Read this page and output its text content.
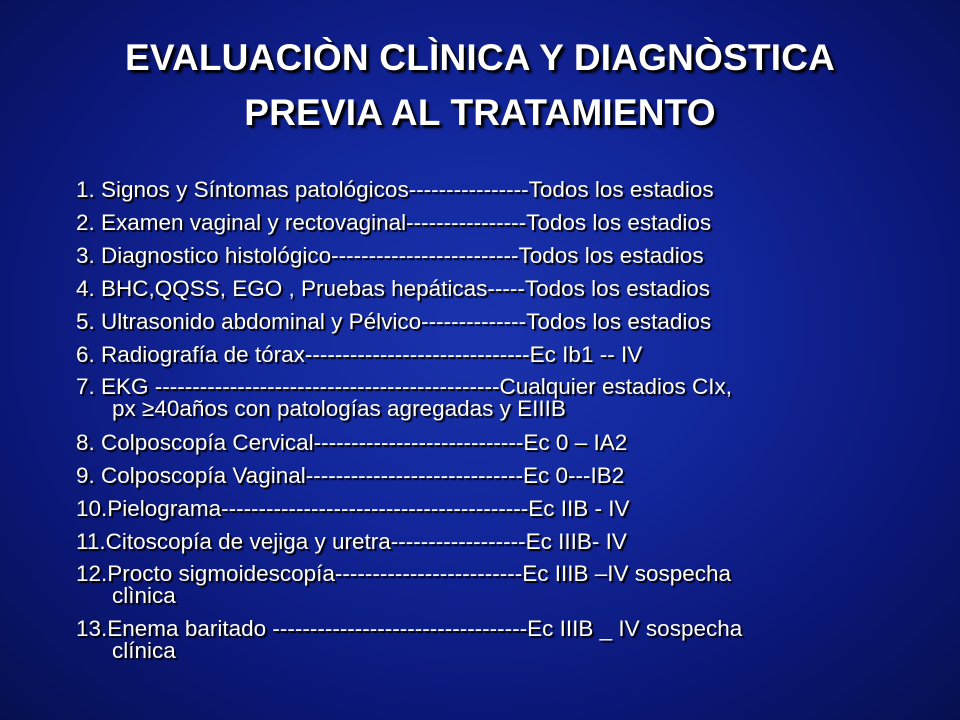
EVALUACIÒN CLÌNICA Y DIAGNÒSTICA
PREVIA AL TRATAMIENTO
1. Signos y Síntomas patológicos----------------Todos los estadios
2. Examen vaginal y rectovaginal----------------Todos los estadios
3. Diagnostico histológico-------------------------Todos los estadios
4. BHC,QQSS, EGO , Pruebas hepáticas-----Todos los estadios
5. Ultrasonido abdominal y Pélvico--------------Todos los estadios
6. Radiografía de tórax------------------------------Ec Ib1 -- IV
7. EKG ----------------------------------------------Cualquier estadios CIx,
px ≥40años con patologías agregadas y EIIIB
8. Colposcopía Cervical----------------------------Ec 0 – IA2
9. Colposcopía Vaginal-----------------------------Ec 0---IB2
10.Pielograma-----------------------------------------Ec IIB - IV
11.Citoscopía de vejiga y uretra------------------Ec IIIB- IV
12.Procto sigmoidescopía-------------------------Ec IIIB –IV sospecha
clìnica
13.Enema baritado ----------------------------------Ec IIIB _ IV sospecha
clínica
